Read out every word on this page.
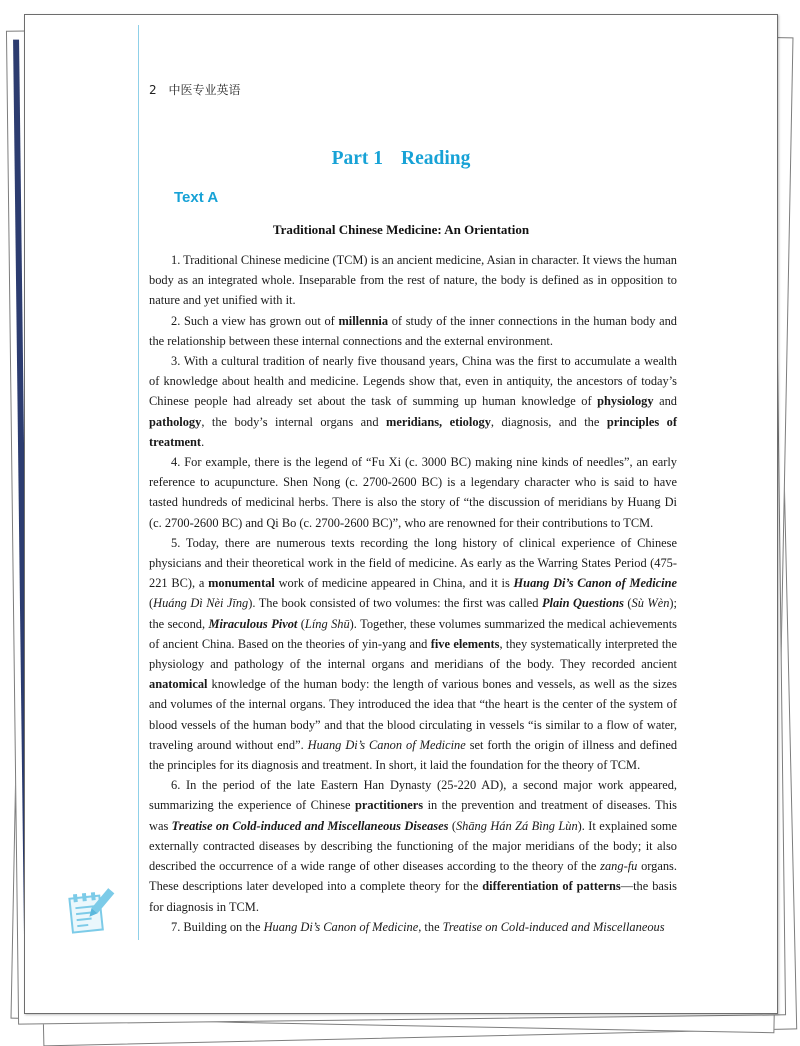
2 中医专业英语
Part 1 Reading
Text A
Traditional Chinese Medicine: An Orientation

1. Traditional Chinese medicine (TCM) is an ancient medicine, Asian in character. It views the human body as an integrated whole. Inseparable from the rest of nature, the body is defined as in opposition to nature and yet unified with it.

2. Such a view has grown out of millennia of study of the inner connections in the human body and the relationship between these internal connections and the external environment.

3. With a cultural tradition of nearly five thousand years, China was the first to accumulate a wealth of knowledge about health and medicine. Legends show that, even in antiquity, the ancestors of today’s Chinese people had already set about the task of summing up human knowledge of physiology and pathology, the body’s internal organs and meridians, etiology, diagnosis, and the principles of treatment.

4. For example, there is the legend of “Fu Xi (c. 3000 BC) making nine kinds of needles”, an early reference to acupuncture. Shen Nong (c. 2700-2600 BC) is a legendary character who is said to have tasted hundreds of medicinal herbs. There is also the story of “the discussion of meridians by Huang Di (c. 2700-2600 BC) and Qi Bo (c. 2700-2600 BC)”, who are renowned for their contributions to TCM.

5. Today, there are numerous texts recording the long history of clinical experience of Chinese physicians and their theoretical work in the field of medicine. As early as the Warring States Period (475-221 BC), a monumental work of medicine appeared in China, and it is Huang Di’s Canon of Medicine (Huáng Dì Nèi Jīng). The book consisted of two volumes: the first was called Plain Questions (Sù Wèn); the second, Miraculous Pivot (Líng Shū). Together, these volumes summarized the medical achievements of ancient China. Based on the theories of yin-yang and five elements, they systematically interpreted the physiology and pathology of the internal organs and meridians of the body. They recorded ancient anatomical knowledge of the human body: the length of various bones and vessels, as well as the sizes and volumes of the internal organs. They introduced the idea that “the heart is the center of the system of blood vessels of the human body” and that the blood circulating in vessels “is similar to a flow of water, traveling around without end”. Huang Di’s Canon of Medicine set forth the origin of illness and defined the principles for its diagnosis and treatment. In short, it laid the foundation for the theory of TCM.

6. In the period of the late Eastern Han Dynasty (25-220 AD), a second major work appeared, summarizing the experience of Chinese practitioners in the prevention and treatment of diseases. This was Treatise on Cold-induced and Miscellaneous Diseases (Shāng Hán Zá Bìng Lùn). It explained some externally contracted diseases by describing the functioning of the major meridians of the body; it also described the occurrence of a wide range of other diseases according to the theory of the zang-fu organs. These descriptions later developed into a complete theory for the differentiation of patterns—the basis for diagnosis in TCM.

7. Building on the Huang Di’s Canon of Medicine, the Treatise on Cold-induced and Miscellaneous
